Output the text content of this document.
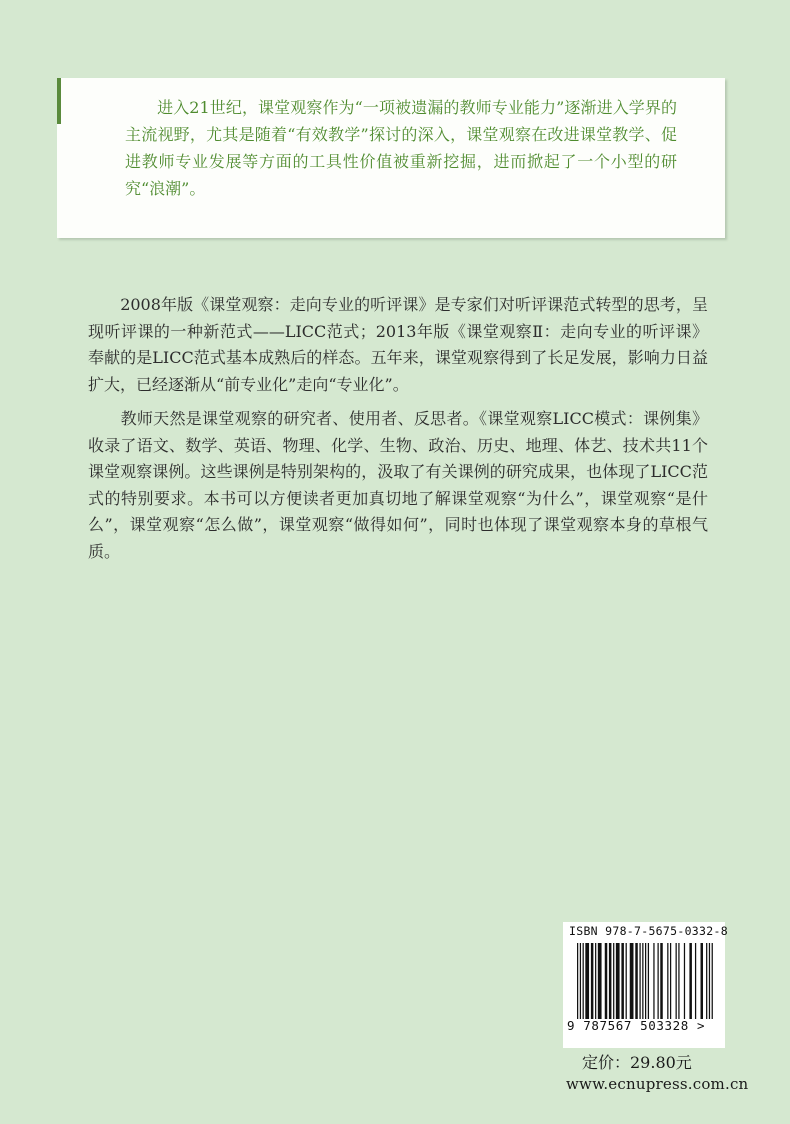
进入21世纪，课堂观察作为“一项被遗漏的教师专业能力”逐渐进入学界的主流视野，尤其是随着“有效教学”探讨的深入，课堂观察在改进课堂教学、促进教师专业发展等方面的工具性价值被重新挖掘，进而掀起了一个小型的研究“浪潮”。

　　2008年版《课堂观察：走向专业的听评课》是专家们对听评课范式转型的思考，呈现听评课的一种新范式——LICC范式；2013年版《课堂观察Ⅱ：走向专业的听评课》奉献的是LICC范式基本成熟后的样态。五年来，课堂观察得到了长足发展，影响力日益扩大，已经逐渐从“前专业化”走向“专业化”。

　　教师天然是课堂观察的研究者、使用者、反思者。《课堂观察LICC模式：课例集》收录了语文、数学、英语、物理、化学、生物、政治、历史、地理、体艺、技术共11个课堂观察课例。这些课例是特别架构的，汲取了有关课例的研究成果，也体现了LICC范式的特别要求。本书可以方便读者更加真切地了解课堂观察“为什么”，课堂观察“是什么”，课堂观察“怎么做”，课堂观察“做得如何”，同时也体现了课堂观察本身的草根气质。

ISBN 978-7-5675-0332-8
9 787567 503328 >
定价：29.80元
www.ecnupress.com.cn
